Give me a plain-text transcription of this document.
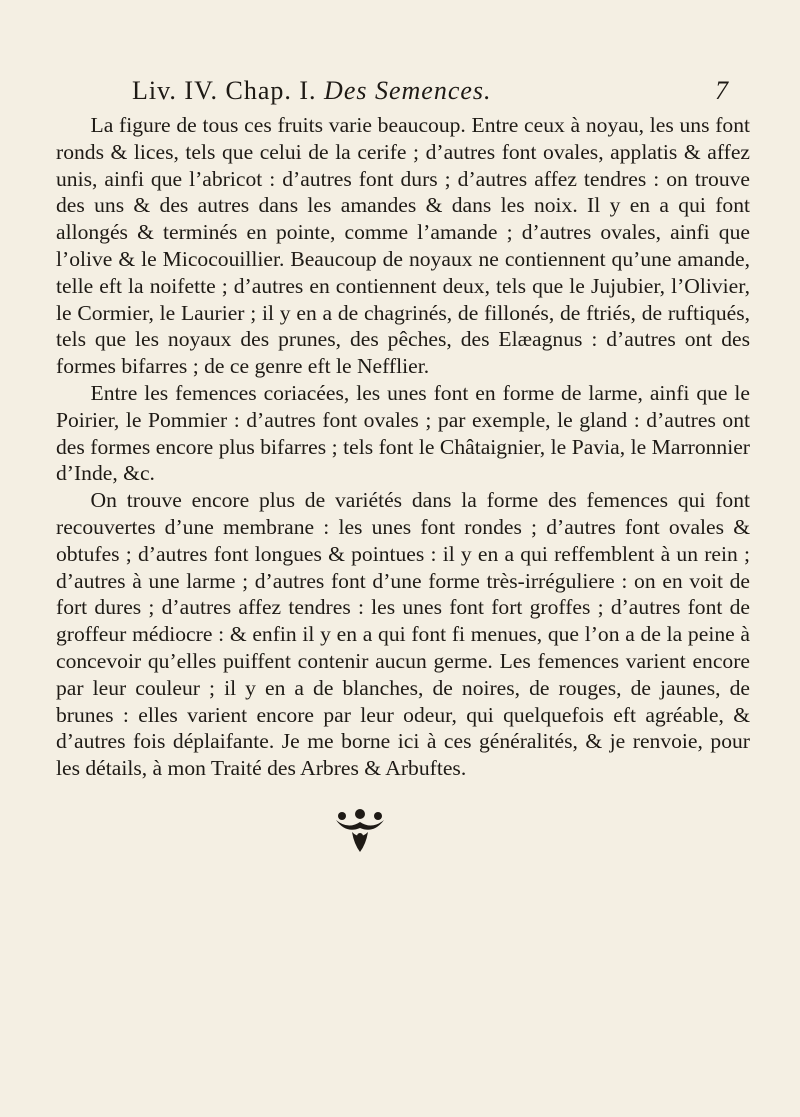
Liv. IV. Chap. I. Des Semences.	7

La figure de tous ces fruits varie beaucoup. Entre ceux à noyau, les uns font ronds & lices, tels que celui de la cerife ; d’autres font ovales, applatis & affez unis, ainfi que l’abricot : d’autres font durs ; d’autres affez tendres : on trouve des uns & des autres dans les amandes & dans les noix. Il y en a qui font allongés & terminés en pointe, comme l’amande ; d’autres ovales, ainfi que l’olive & le Micocouillier. Beaucoup de noyaux ne contiennent qu’une amande, telle eft la noifette ; d’autres en contiennent deux, tels que le Jujubier, l’Olivier, le Cormier, le Laurier ; il y en a de chagrinés, de fillonés, de ftriés, de ruftiqués, tels que les noyaux des prunes, des pêches, des Elæagnus : d’autres ont des formes bifarres ; de ce genre eft le Nefflier.

Entre les femences coriacées, les unes font en forme de larme, ainfi que le Poirier, le Pommier : d’autres font ovales ; par exemple, le gland : d’autres ont des formes encore plus bifarres ; tels font le Châtaignier, le Pavia, le Marronnier d’Inde, &c.

On trouve encore plus de variétés dans la forme des femences qui font recouvertes d’une membrane : les unes font rondes ; d’autres font ovales & obtufes ; d’autres font longues & pointues : il y en a qui reffemblent à un rein ; d’autres à une larme ; d’autres font d’une forme très-irréguliere : on en voit de fort dures ; d’autres affez tendres : les unes font fort groffes ; d’autres font de groffeur médiocre : & enfin il y en a qui font fi menues, que l’on a de la peine à concevoir qu’elles puiffent contenir aucun germe. Les femences varient encore par leur couleur ; il y en a de blanches, de noires, de rouges, de jaunes, de brunes : elles varient encore par leur odeur, qui quelquefois eft agréable, & d’autres fois déplaifante. Je me borne ici à ces généralités, & je renvoie, pour les détails, à mon Traité des Arbres & Arbuftes.
